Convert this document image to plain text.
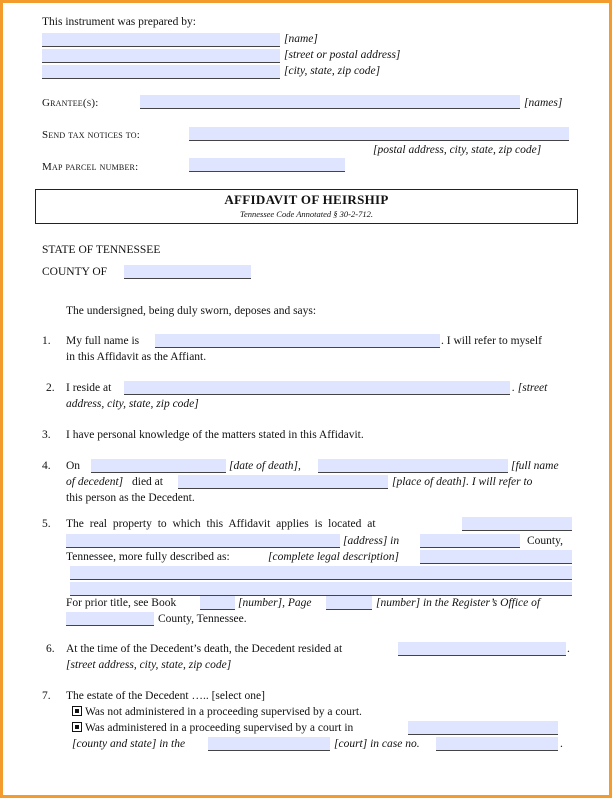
This instrument was prepared by:
[name]
[street or postal address]
[city, state, zip code]
Grantee(s):	[names]
Send tax notices to:
[postal address, city, state, zip code]
Map parcel number:
AFFIDAVIT OF HEIRSHIP
Tennessee Code Annotated § 30-2-712.
STATE OF TENNESSEE
COUNTY OF
The undersigned, being duly sworn, deposes and says:
1. My full name is	. I will refer to myself
in this Affidavit as the Affiant.
2. I reside at	. [street
address, city, state, zip code]
3. I have personal knowledge of the matters stated in this Affidavit.
4. On	[date of death],	[full name
of decedent] died at	[place of death]. I will refer to
this person as the Decedent.
5. The real property to which this Affidavit applies is located at
[address] in	County,
Tennessee, more fully described as:	[complete legal description]
For prior title, see Book	[number], Page	[number] in the Register’s Office of
County, Tennessee.
6. At the time of the Decedent’s death, the Decedent resided at	.
[street address, city, state, zip code]
7. The estate of the Decedent ….. [select one]
Was not administered in a proceeding supervised by a court.
Was administered in a proceeding supervised by a court in
[county and state] in the	[court] in case no.	.
